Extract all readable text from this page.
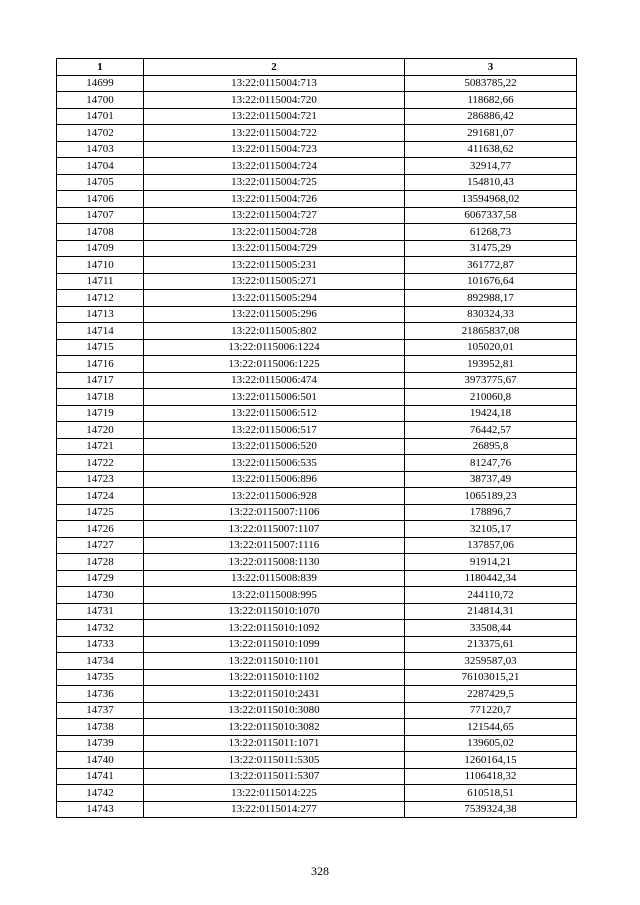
1	2	3
14699	13:22:0115004:713	5083785,22
14700	13:22:0115004:720	118682,66
14701	13:22:0115004:721	286886,42
14702	13:22:0115004:722	291681,07
14703	13:22:0115004:723	411638,62
14704	13:22:0115004:724	32914,77
14705	13:22:0115004:725	154810,43
14706	13:22:0115004:726	13594968,02
14707	13:22:0115004:727	6067337,58
14708	13:22:0115004:728	61268,73
14709	13:22:0115004:729	31475,29
14710	13:22:0115005:231	361772,87
14711	13:22:0115005:271	101676,64
14712	13:22:0115005:294	892988,17
14713	13:22:0115005:296	830324,33
14714	13:22:0115005:802	21865837,08
14715	13:22:0115006:1224	105020,01
14716	13:22:0115006:1225	193952,81
14717	13:22:0115006:474	3973775,67
14718	13:22:0115006:501	210060,8
14719	13:22:0115006:512	19424,18
14720	13:22:0115006:517	76442,57
14721	13:22:0115006:520	26895,8
14722	13:22:0115006:535	81247,76
14723	13:22:0115006:896	38737,49
14724	13:22:0115006:928	1065189,23
14725	13:22:0115007:1106	178896,7
14726	13:22:0115007:1107	32105,17
14727	13:22:0115007:1116	137857,06
14728	13:22:0115008:1130	91914,21
14729	13:22:0115008:839	1180442,34
14730	13:22:0115008:995	244110,72
14731	13:22:0115010:1070	214814,31
14732	13:22:0115010:1092	33508,44
14733	13:22:0115010:1099	213375,61
14734	13:22:0115010:1101	3259587,03
14735	13:22:0115010:1102	76103015,21
14736	13:22:0115010:2431	2287429,5
14737	13:22:0115010:3080	771220,7
14738	13:22:0115010:3082	121544,65
14739	13:22:0115011:1071	139605,02
14740	13:22:0115011:5305	1260164,15
14741	13:22:0115011:5307	1106418,32
14742	13:22:0115014:225	610518,51
14743	13:22:0115014:277	7539324,38
328
